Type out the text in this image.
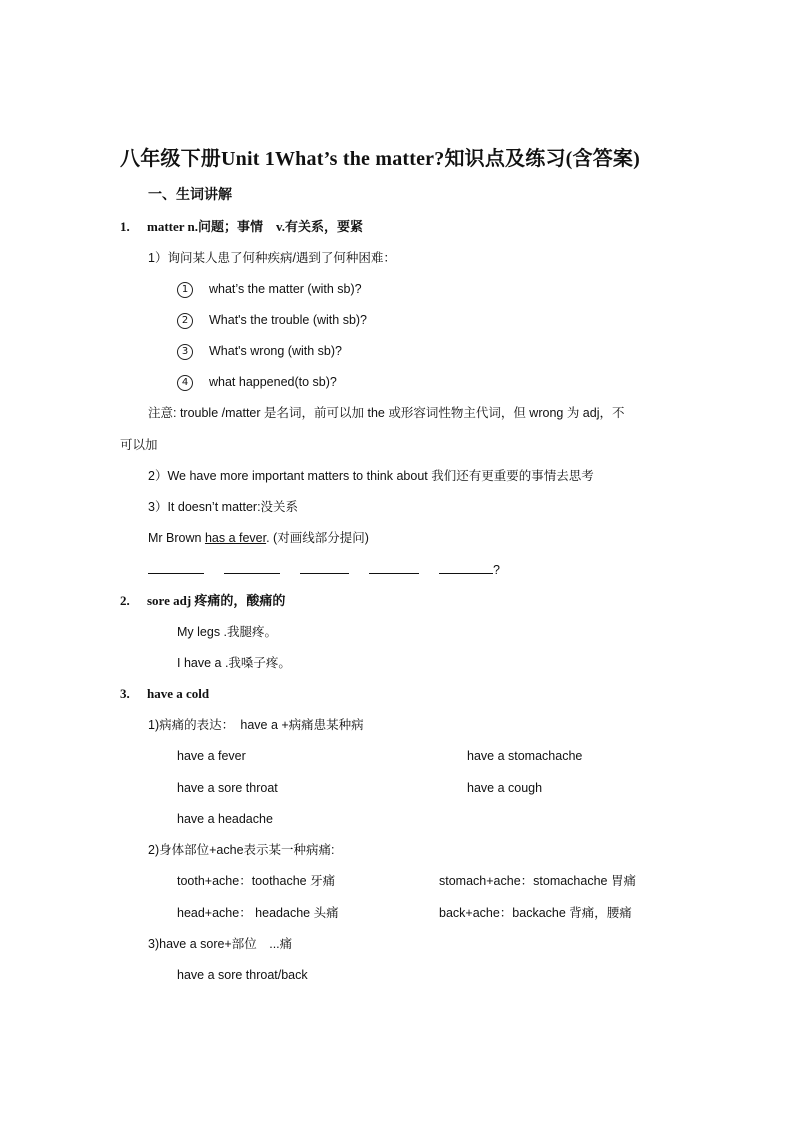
八年级下册Unit 1What’s the matter?知识点及练习(含答案)
一、生词讲解
1. matter n.问题；事情　v.有关系，要紧
1）询问某人患了何种疾病/遇到了何种困难：
1 what’s the matter (with sb)?
2 What's the trouble (with sb)?
3 What's wrong (with sb)?
4 what happened(to sb)?
注意: trouble /matter 是名词，前可以加 the 或形容词性物主代词，但 wrong 为 adj，不
可以加
2）We have more important matters to think about 我们还有更重要的事情去思考
3）It doesn’t matter:没关系
Mr Brown has a fever. (对画线部分提问)
?
2. sore adj 疼痛的，酸痛的
My legs .我腿疼。
I have a .我嗓子疼。
3. have a cold
1)病痛的表达：　have a +病痛患某种病
have a fever	have a stomachache
have a sore throat	have a cough
have a headache
2)身体部位+ache表示某一种病痛:
tooth+ache：toothache 牙痛	stomach+ache：stomachache 胃痛
head+ache： headache 头痛	back+ache：backache 背痛，腰痛
3)have a sore+部位　...痛
have a sore throat/back
